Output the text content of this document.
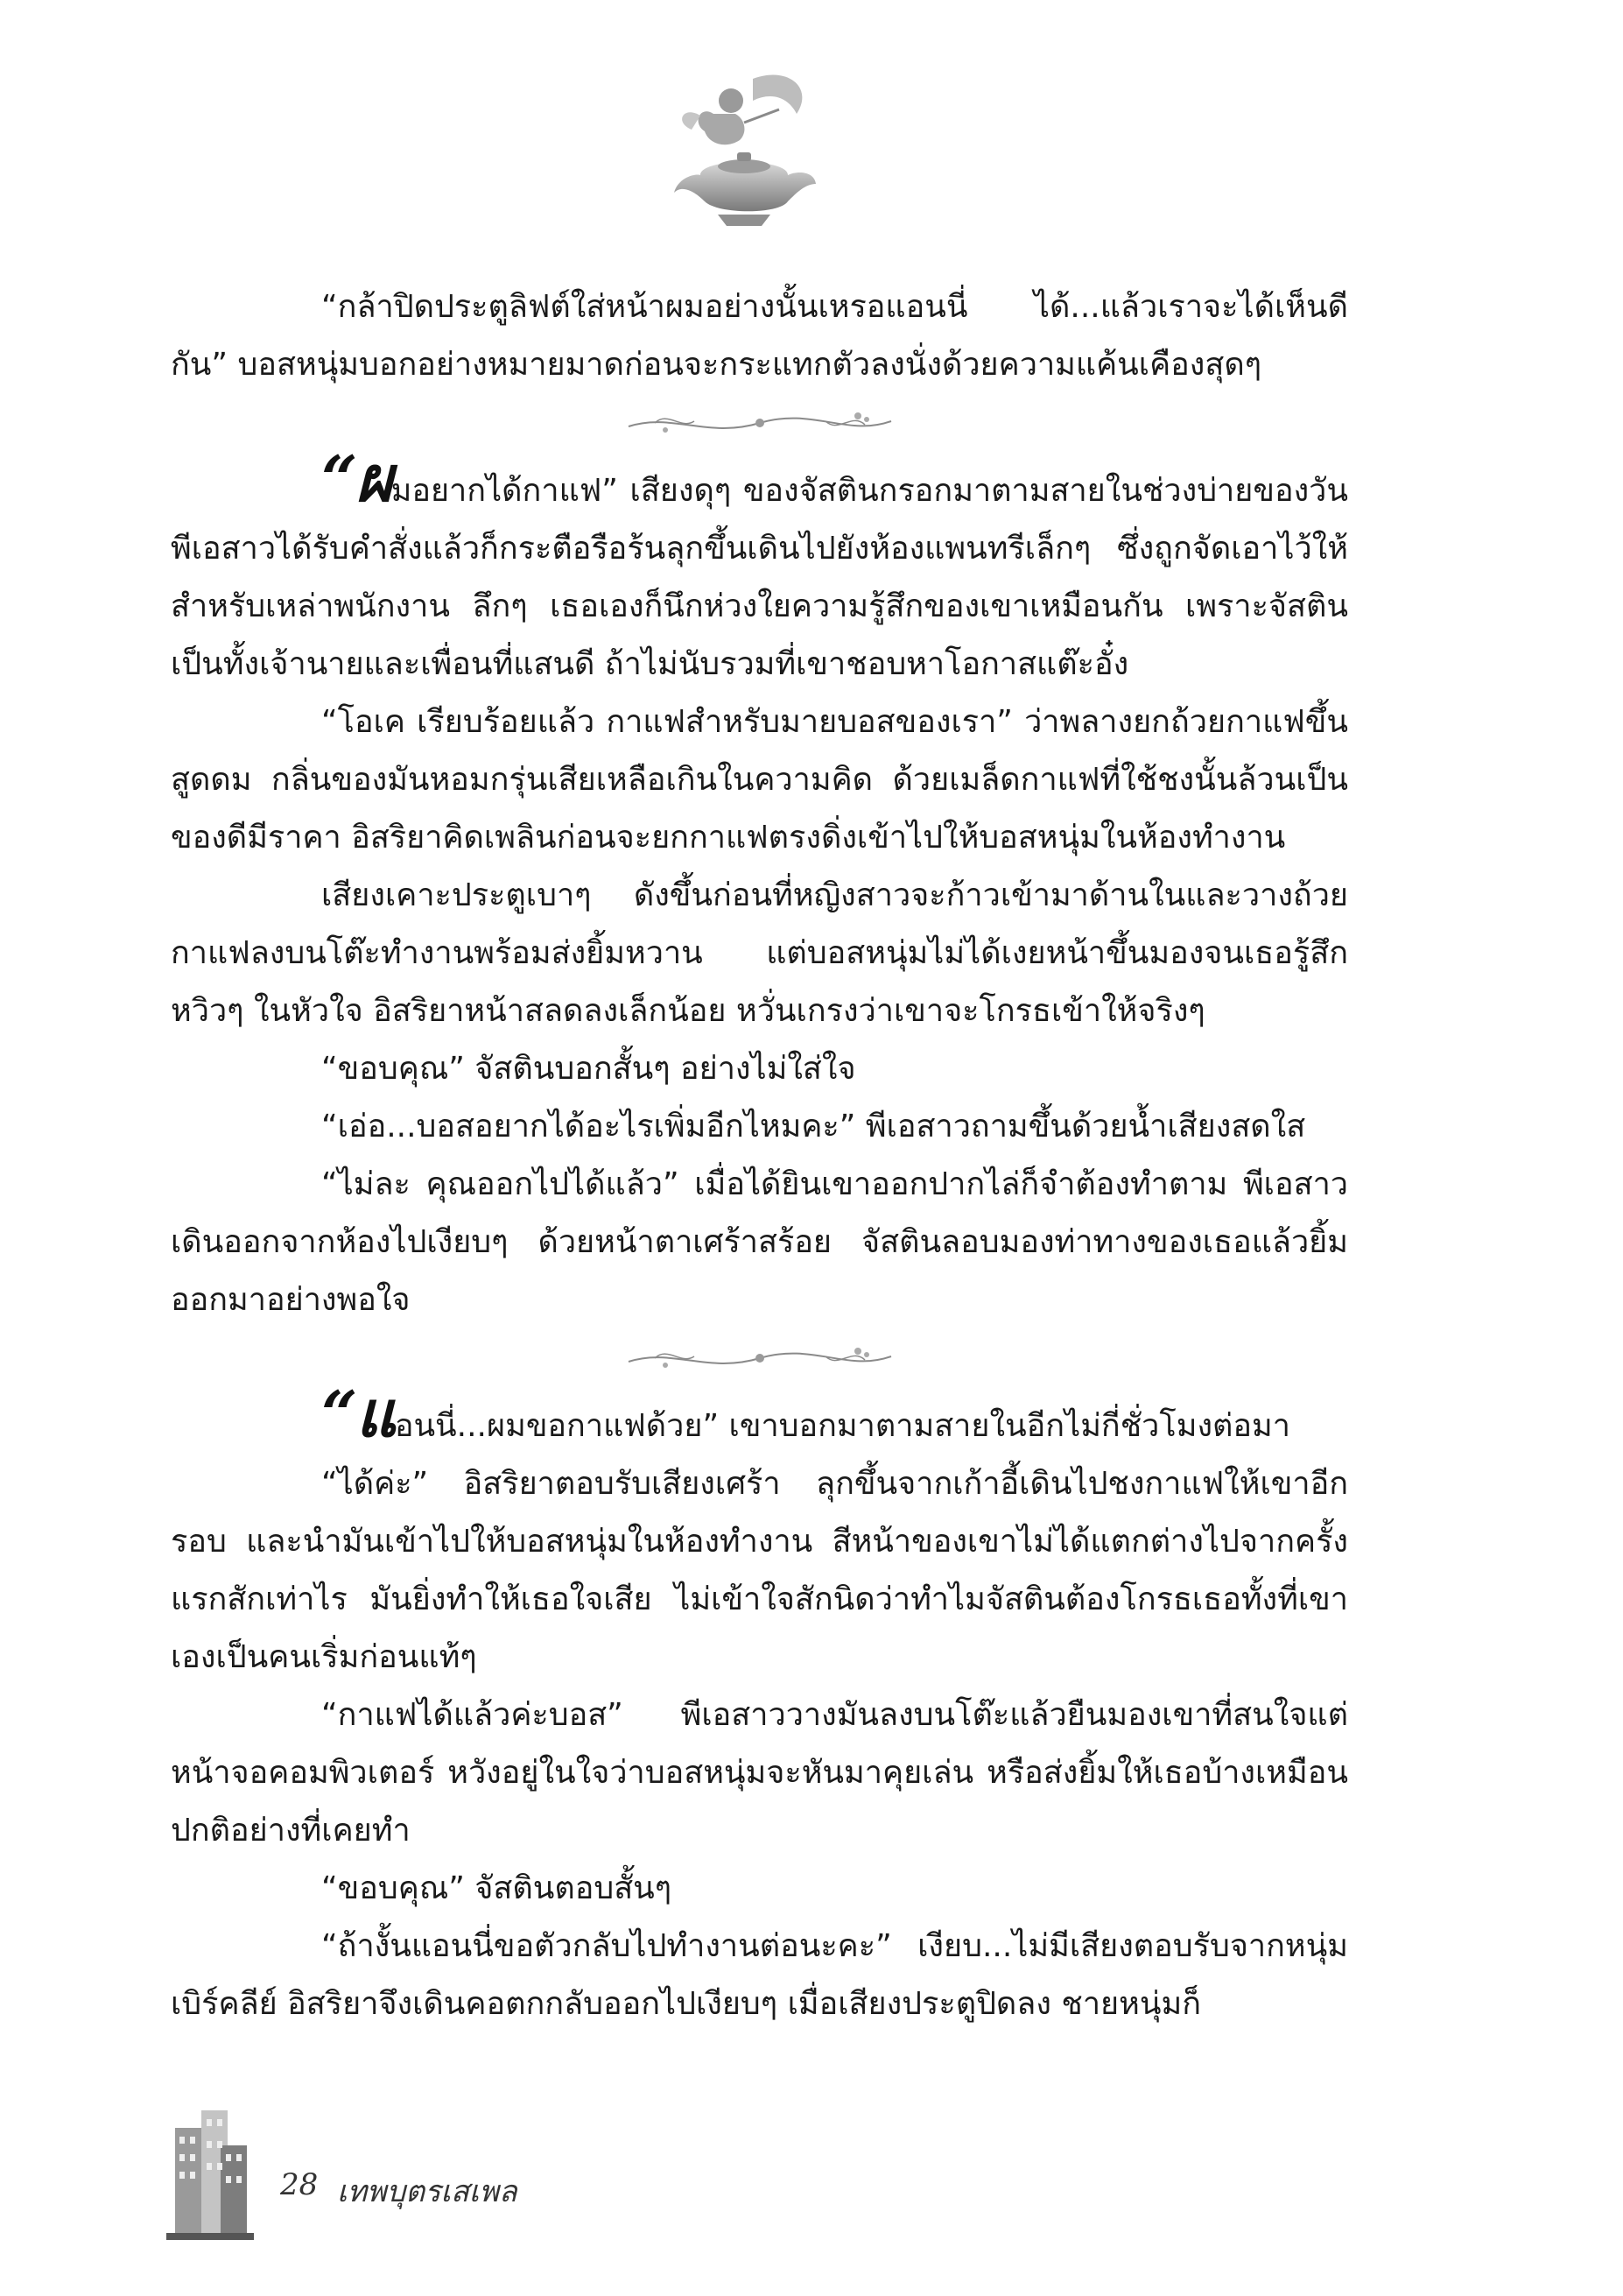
“กล้าปิดประตูลิฟต์ใส่หน้าผมอย่างนั้นเหรอแอนนี่ ได้...แล้วเราจะได้เห็นดีกัน” บอสหนุ่มบอกอย่างหมายมาดก่อนจะกระแทกตัวลงนั่งด้วยความแค้นเคืองสุดๆ

“ผมอยากได้กาแฟ” เสียงดุๆ ของจัสตินกรอกมาตามสายในช่วงบ่ายของวัน พีเอสาวได้รับคำสั่งแล้วก็กระตือรือร้นลุกขึ้นเดินไปยังห้องแพนทรีเล็กๆ ซึ่งถูกจัดเอาไว้ให้สำหรับเหล่าพนักงาน ลึกๆ เธอเองก็นึกห่วงใยความรู้สึกของเขาเหมือนกัน เพราะจัสตินเป็นทั้งเจ้านายและเพื่อนที่แสนดี ถ้าไม่นับรวมที่เขาชอบหาโอกาสแต๊ะอั๋ง

“โอเค เรียบร้อยแล้ว กาแฟสำหรับมายบอสของเรา” ว่าพลางยกถ้วยกาแฟขึ้นสูดดม กลิ่นของมันหอมกรุ่นเสียเหลือเกินในความคิด ด้วยเมล็ดกาแฟที่ใช้ชงนั้นล้วนเป็นของดีมีราคา อิสริยาคิดเพลินก่อนจะยกกาแฟตรงดิ่งเข้าไปให้บอสหนุ่มในห้องทำงาน

เสียงเคาะประตูเบาๆ ดังขึ้นก่อนที่หญิงสาวจะก้าวเข้ามาด้านในและวางถ้วยกาแฟลงบนโต๊ะทำงานพร้อมส่งยิ้มหวาน แต่บอสหนุ่มไม่ได้เงยหน้าขึ้นมองจนเธอรู้สึกหวิวๆ ในหัวใจ อิสริยาหน้าสลดลงเล็กน้อย หวั่นเกรงว่าเขาจะโกรธเข้าให้จริงๆ

“ขอบคุณ” จัสตินบอกสั้นๆ อย่างไม่ใส่ใจ

“เอ่อ...บอสอยากได้อะไรเพิ่มอีกไหมคะ” พีเอสาวถามขึ้นด้วยน้ำเสียงสดใส

“ไม่ละ คุณออกไปได้แล้ว” เมื่อได้ยินเขาออกปากไล่ก็จำต้องทำตาม พีเอสาวเดินออกจากห้องไปเงียบๆ ด้วยหน้าตาเศร้าสร้อย จัสตินลอบมองท่าทางของเธอแล้วยิ้มออกมาอย่างพอใจ

“แอนนี่...ผมขอกาแฟด้วย” เขาบอกมาตามสายในอีกไม่กี่ชั่วโมงต่อมา

“ได้ค่ะ” อิสริยาตอบรับเสียงเศร้า ลุกขึ้นจากเก้าอี้เดินไปชงกาแฟให้เขาอีกรอบ และนำมันเข้าไปให้บอสหนุ่มในห้องทำงาน สีหน้าของเขาไม่ได้แตกต่างไปจากครั้งแรกสักเท่าไร มันยิ่งทำให้เธอใจเสีย ไม่เข้าใจสักนิดว่าทำไมจัสตินต้องโกรธเธอทั้งที่เขาเองเป็นคนเริ่มก่อนแท้ๆ

“กาแฟได้แล้วค่ะบอส” พีเอสาววางมันลงบนโต๊ะแล้วยืนมองเขาที่สนใจแต่หน้าจอคอมพิวเตอร์ หวังอยู่ในใจว่าบอสหนุ่มจะหันมาคุยเล่น หรือส่งยิ้มให้เธอบ้างเหมือนปกติอย่างที่เคยทำ

“ขอบคุณ” จัสตินตอบสั้นๆ

“ถ้างั้นแอนนี่ขอตัวกลับไปทำงานต่อนะคะ” เงียบ...ไม่มีเสียงตอบรับจากหนุ่มเบิร์คลีย์ อิสริยาจึงเดินคอตกกลับออกไปเงียบๆ เมื่อเสียงประตูปิดลง ชายหนุ่มก็

28 เทพบุตรเสเพล
